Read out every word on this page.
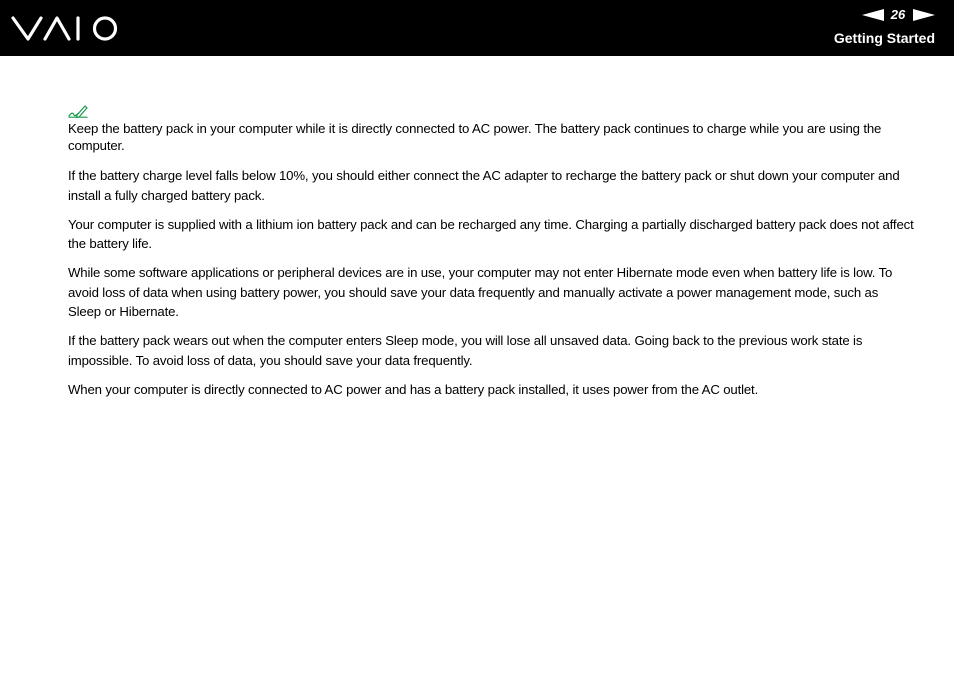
26
Getting Started

Keep the battery pack in your computer while it is directly connected to AC power. The battery pack continues to charge while you are using the computer.

If the battery charge level falls below 10%, you should either connect the AC adapter to recharge the battery pack or shut down your computer and install a fully charged battery pack.

Your computer is supplied with a lithium ion battery pack and can be recharged any time. Charging a partially discharged battery pack does not affect the battery life.

While some software applications or peripheral devices are in use, your computer may not enter Hibernate mode even when battery life is low. To avoid loss of data when using battery power, you should save your data frequently and manually activate a power management mode, such as Sleep or Hibernate.

If the battery pack wears out when the computer enters Sleep mode, you will lose all unsaved data. Going back to the previous work state is impossible. To avoid loss of data, you should save your data frequently.

When your computer is directly connected to AC power and has a battery pack installed, it uses power from the AC outlet.
